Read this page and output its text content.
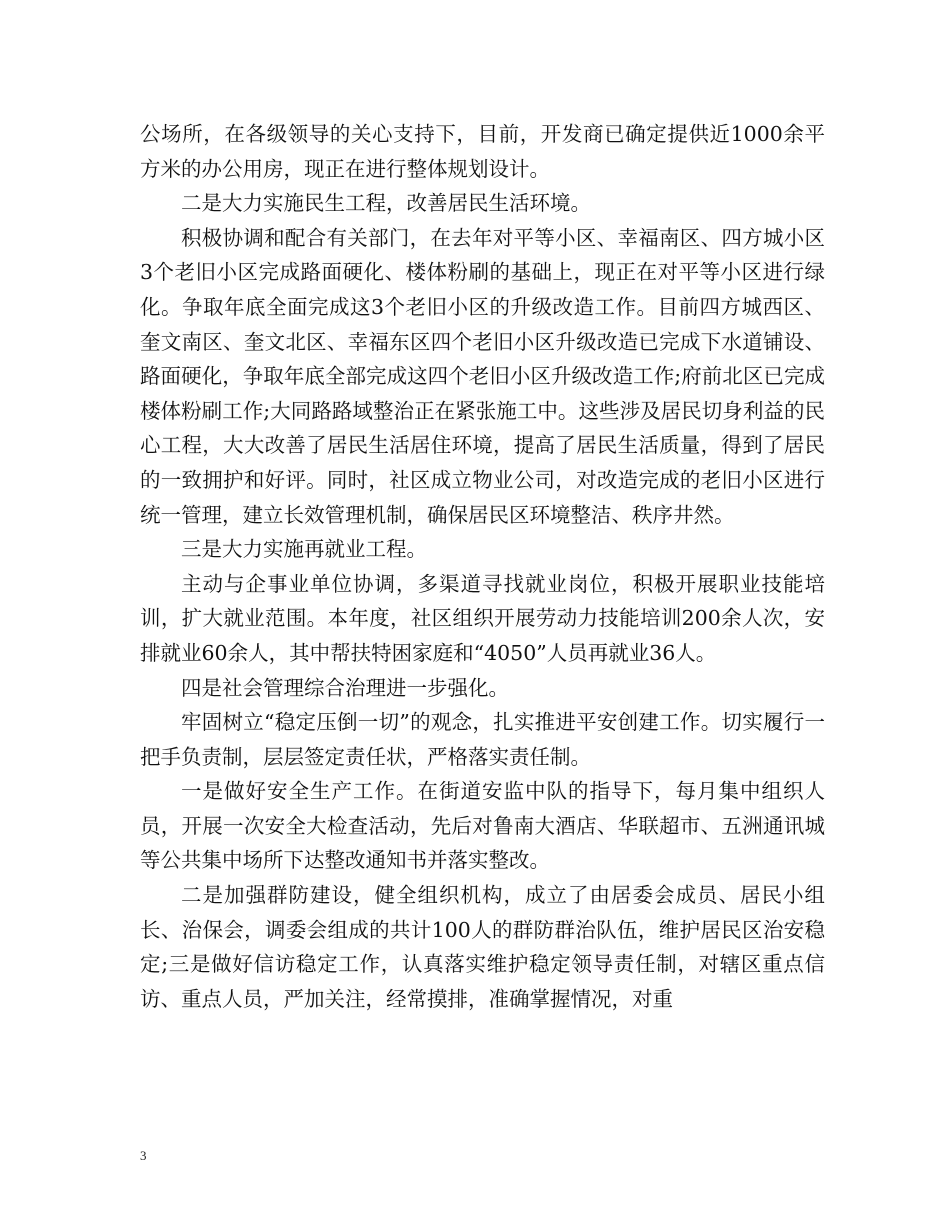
公场所，在各级领导的关心支持下，目前，开发商已确定提供近1000余平方米的办公用房，现正在进行整体规划设计。

二是大力实施民生工程，改善居民生活环境。

积极协调和配合有关部门，在去年对平等小区、幸福南区、四方城小区 3个老旧小区完成路面硬化、楼体粉刷的基础上，现正在对平等小区进行绿化。争取年底全面完成这3个老旧小区的升级改造工作。目前四方城西区、奎文南区、奎文北区、幸福东区四个老旧小区升级改造已完成下水道铺设、路面硬化，争取年底全部完成这四个老旧小区升级改造工作;府前北区已完成楼体粉刷工作;大同路路域整治正在紧张施工中。这些涉及居民切身利益的民心工程，大大改善了居民生活居住环境，提高了居民生活质量，得到了居民的一致拥护和好评。同时，社区成立物业公司，对改造完成的老旧小区进行统一管理，建立长效管理机制，确保居民区环境整洁、秩序井然。

三是大力实施再就业工程。

主动与企事业单位协调，多渠道寻找就业岗位，积极开展职业技能培训，扩大就业范围。本年度，社区组织开展劳动力技能培训200余人次，安排就业60余人，其中帮扶特困家庭和“4050”人员再就业36人。

四是社会管理综合治理进一步强化。

牢固树立“稳定压倒一切”的观念，扎实推进平安创建工作。切实履行一把手负责制，层层签定责任状，严格落实责任制。

一是做好安全生产工作。在街道安监中队的指导下，每月集中组织人员，开展一次安全大检查活动，先后对鲁南大酒店、华联超市、五洲通讯城等公共集中场所下达整改通知书并落实整改。

二是加强群防建设，健全组织机构，成立了由居委会成员、居民小组长、治保会，调委会组成的共计100人的群防群治队伍，维护居民区治安稳定;三是做好信访稳定工作，认真落实维护稳定领导责任制，对辖区重点信访、重点人员，严加关注，经常摸排，准确掌握情况，对重

3
